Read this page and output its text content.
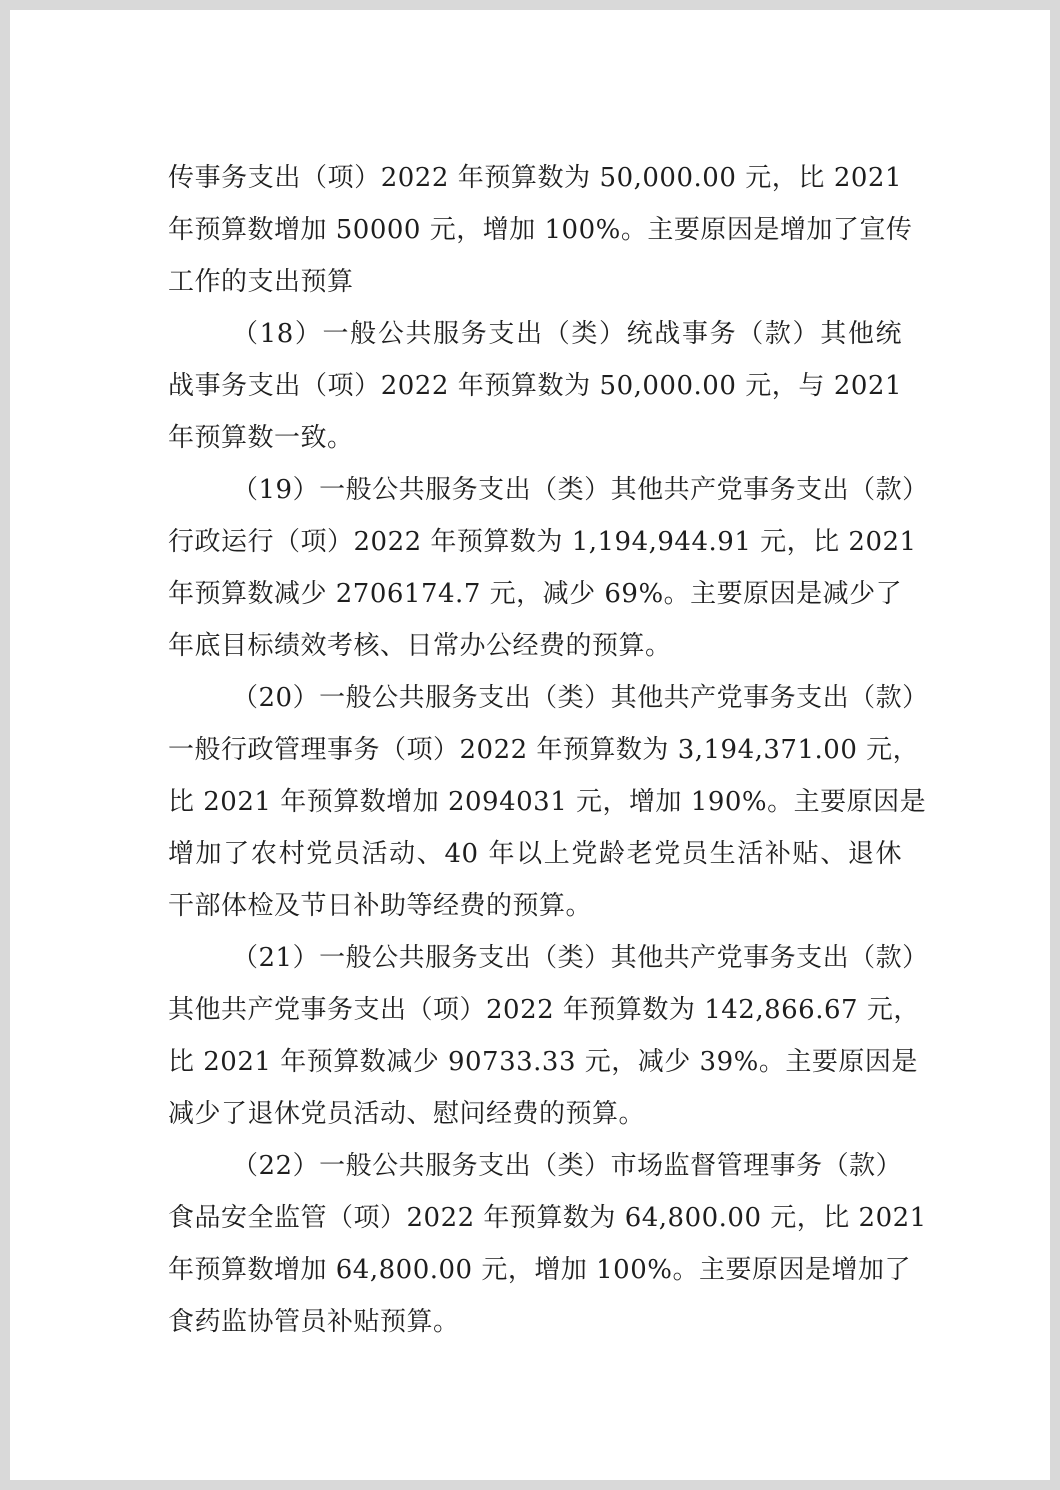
传事务支出（项）2022 年预算数为 50,000.00 元，比 2021
年预算数增加 50000 元，增加 100%。主要原因是增加了宣传
工作的支出预算
（18）一般公共服务支出（类）统战事务（款）其他统
战事务支出（项）2022 年预算数为 50,000.00 元，与 2021
年预算数一致。
（19）一般公共服务支出（类）其他共产党事务支出（款）
行政运行（项）2022 年预算数为 1,194,944.91 元，比 2021
年预算数减少 2706174.7 元，减少 69%。主要原因是减少了
年底目标绩效考核、日常办公经费的预算。
（20）一般公共服务支出（类）其他共产党事务支出（款）
一般行政管理事务（项）2022 年预算数为 3,194,371.00 元，
比 2021 年预算数增加 2094031 元，增加 190%。主要原因是
增加了农村党员活动、40 年以上党龄老党员生活补贴、退休
干部体检及节日补助等经费的预算。
（21）一般公共服务支出（类）其他共产党事务支出（款）
其他共产党事务支出（项）2022 年预算数为 142,866.67 元，
比 2021 年预算数减少 90733.33 元，减少 39%。主要原因是
减少了退休党员活动、慰问经费的预算。
（22）一般公共服务支出（类）市场监督管理事务（款）
食品安全监管（项）2022 年预算数为 64,800.00 元，比 2021
年预算数增加 64,800.00 元，增加 100%。主要原因是增加了
食药监协管员补贴预算。
